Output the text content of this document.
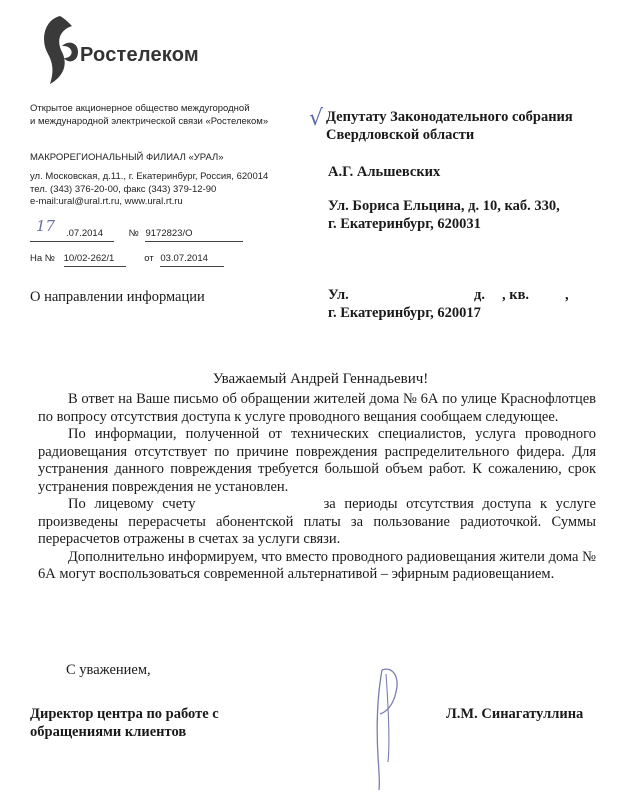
Ростелеком
Открытое акционерное общество междугородной
и международной электрической связи «Ростелеком»
МАКРОРЕГИОНАЛЬНЫЙ ФИЛИАЛ «УРАЛ»
ул. Московская, д.11., г. Екатеринбург, Россия, 620014
тел. (343) 376-20-00, факс (343) 379-12-90
e-mail:ural@ural.rt.ru, www.ural.rt.ru
17 .07.2014	№ 9172823/О
На № 10/02-262/1	от 03.07.2014
О направлении информации
√ Депутату Законодательного собрания
Свердловской области
А.Г. Альшевских
Ул. Бориса Ельцина, д. 10, каб. 330,
г. Екатеринбург, 620031
Ул.	д. , кв. ,
г. Екатеринбург, 620017
Уважаемый Андрей Геннадьевич!

В ответ на Ваше письмо об обращении жителей дома № 6А по улице Краснофлотцев по вопросу отсутствия доступа к услуге проводного вещания сообщаем следующее.

По информации, полученной от технических специалистов, услуга проводного радиовещания отсутствует по причине повреждения распределительного фидера. Для устранения данного повреждения требуется большой объем работ. К сожалению, срок устранения повреждения не установлен.

По лицевому счету	за периоды отсутствия доступа к услуге произведены перерасчеты абонентской платы за пользование радиоточкой. Суммы перерасчетов отражены в счетах за услуги связи.

Дополнительно информируем, что вместо проводного радиовещания жители дома № 6А могут воспользоваться современной альтернативой – эфирным радиовещанием.

С уважением,
Директор центра по работе с
обращениями клиентов
Л.М. Синагатуллина
